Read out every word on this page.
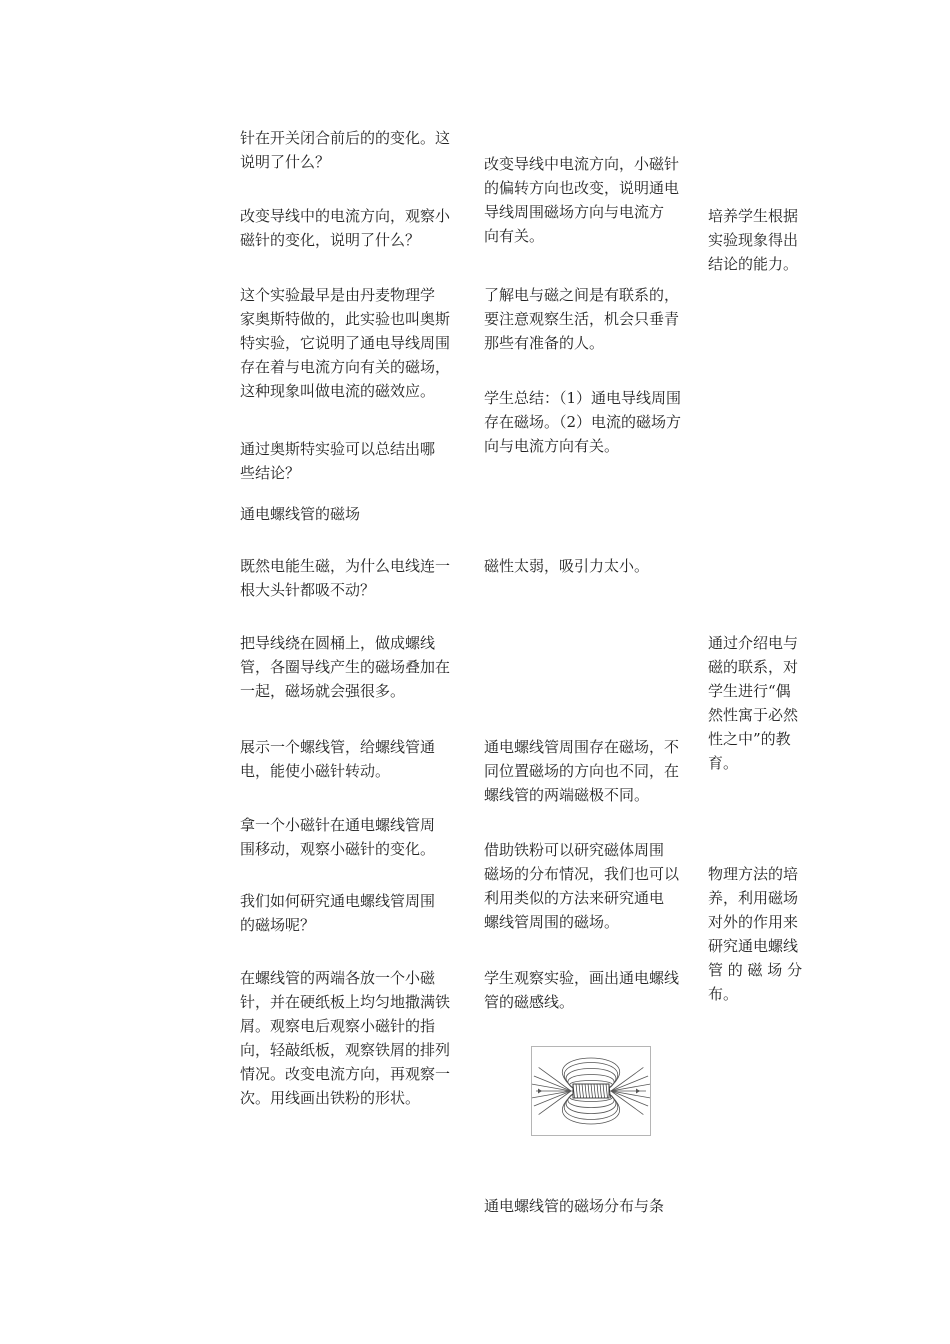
针在开关闭合前后的的变化。这
说明了什么？

改变导线中的电流方向，观察小
磁针的变化，说明了什么？

这个实验最早是由丹麦物理学
家奥斯特做的，此实验也叫奥斯
特实验，它说明了通电导线周围
存在着与电流方向有关的磁场，
这种现象叫做电流的磁效应。

通过奥斯特实验可以总结出哪
些结论？

通电螺线管的磁场

既然电能生磁，为什么电线连一
根大头针都吸不动？

把导线绕在圆桶上，做成螺线
管，各圈导线产生的磁场叠加在
一起，磁场就会强很多。

展示一个螺线管，给螺线管通
电，能使小磁针转动。

拿一个小磁针在通电螺线管周
围移动，观察小磁针的变化。

我们如何研究通电螺线管周围
的磁场呢？

在螺线管的两端各放一个小磁
针，并在硬纸板上均匀地撒满铁
屑。观察电后观察小磁针的指
向，轻敲纸板，观察铁屑的排列
情况。改变电流方向，再观察一
次。用线画出铁粉的形状。

改变导线中电流方向，小磁针
的偏转方向也改变，说明通电
导线周围磁场方向与电流方
向有关。

了解电与磁之间是有联系的，
要注意观察生活，机会只垂青
那些有准备的人。

学生总结：（1）通电导线周围
存在磁场。（2）电流的磁场方
向与电流方向有关。

磁性太弱，吸引力太小。

通电螺线管周围存在磁场，不
同位置磁场的方向也不同，在
螺线管的两端磁极不同。

借助铁粉可以研究磁体周围
磁场的分布情况，我们也可以
利用类似的方法来研究通电
螺线管周围的磁场。

学生观察实验，画出通电螺线
管的磁感线。

通电螺线管的磁场分布与条

培养学生根据
实验现象得出
结论的能力。

通过介绍电与
磁的联系，对
学生进行“偶
然性寓于必然
性之中”的教
育。

物理方法的培
养，利用磁场
对外的作用来
研究通电螺线
管 的 磁 场 分
布。
